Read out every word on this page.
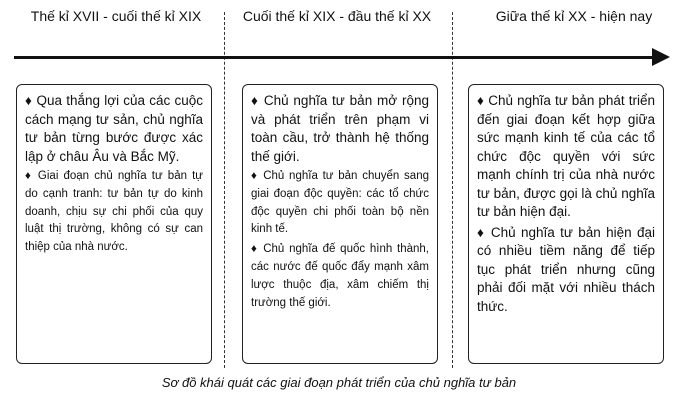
Thế kỉ XVII - cuối thế kỉ XIX	Cuối thế kỉ XIX - đầu thế kỉ XX	Giữa thế kỉ XX - hiện nay

♦ Qua thắng lợi của các cuộc cách mạng tư sản, chủ nghĩa tư bản từng bước được xác lập ở châu Âu và Bắc Mỹ.

♦ Giai đoạn chủ nghĩa tư bản tự do cạnh tranh: tư bản tự do kinh doanh, chịu sự chi phối của quy luật thị trường, không có sự can thiệp của nhà nước.

♦ Chủ nghĩa tư bản mở rộng và phát triển trên phạm vi toàn cầu, trở thành hệ thống thế giới.

♦ Chủ nghĩa tư bản chuyển sang giai đoạn độc quyền: các tổ chức độc quyền chi phối toàn bộ nền kinh tế.

♦ Chủ nghĩa đế quốc hình thành, các nước đế quốc đẩy mạnh xâm lược thuộc địa, xâm chiếm thị trường thế giới.

♦ Chủ nghĩa tư bản phát triển đến giai đoạn kết hợp giữa sức mạnh kinh tế của các tổ chức độc quyền với sức mạnh chính trị của nhà nước tư bản, được gọi là chủ nghĩa tư bản hiện đại.

♦ Chủ nghĩa tư bản hiện đại có nhiều tiềm năng để tiếp tục phát triển nhưng cũng phải đối mặt với nhiều thách thức.

Sơ đồ khái quát các giai đoạn phát triển của chủ nghĩa tư bản
